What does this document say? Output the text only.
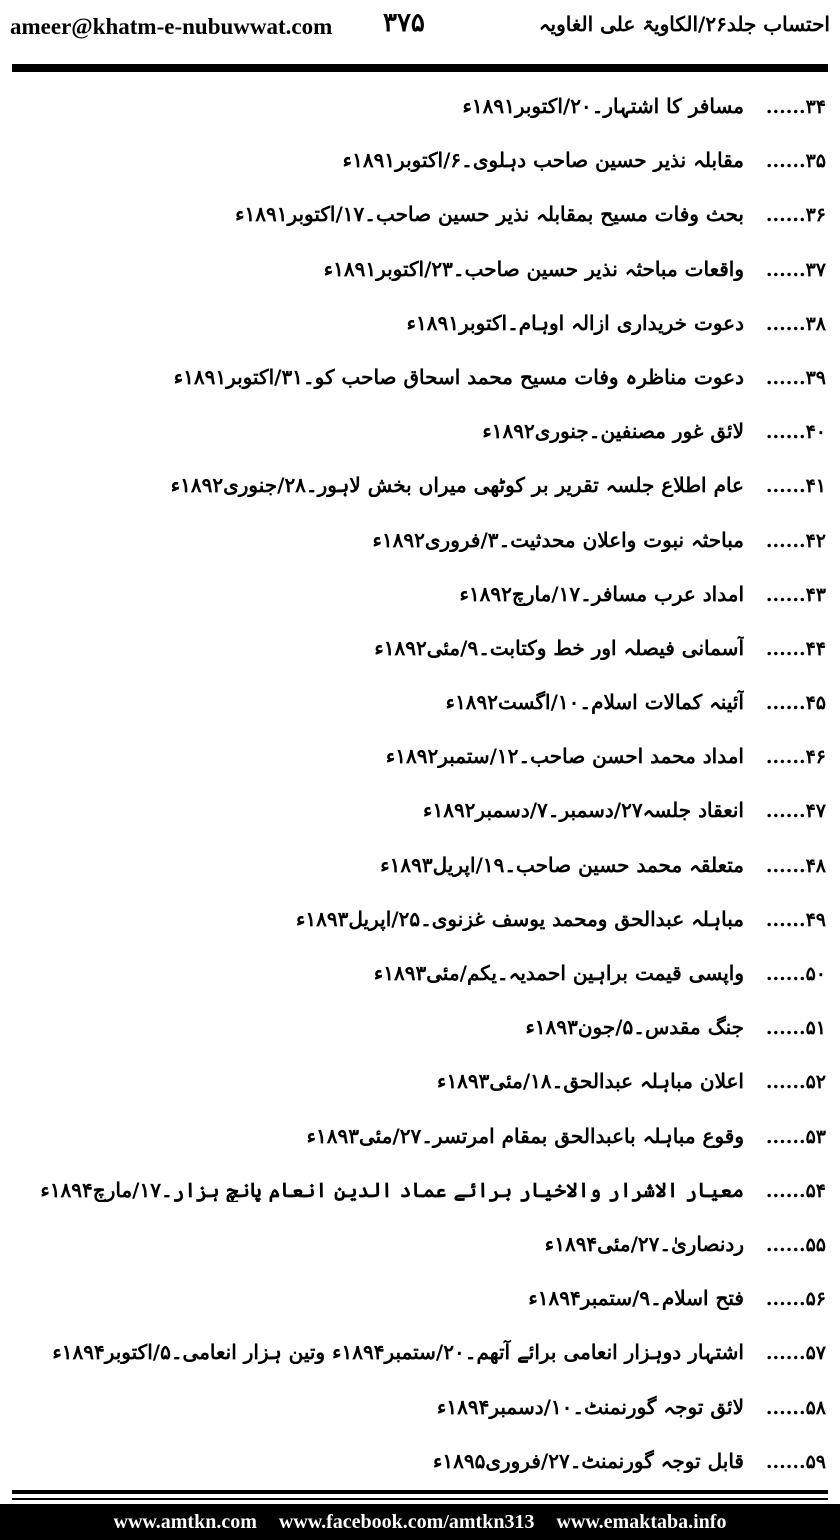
ameer@khatm-e-nubuwwat.com ۳۷۵	احتساب جلد۲۶/الکاویۃ علی الغاویہ
۳۴......
مسافر کا اشتہار۔۲۰/اکتوبر۱۸۹۱ء
۳۵......
مقابلہ نذیر حسین صاحب دہلوی۔۶/اکتوبر۱۸۹۱ء
۳۶......
بحث وفات مسیح بمقابلہ نذیر حسین صاحب۔۱۷/اکتوبر۱۸۹۱ء
۳۷......
واقعات مباحثہ نذیر حسین صاحب۔۲۳/اکتوبر۱۸۹۱ء
۳۸......
دعوت خریداری ازالہ اوہام۔اکتوبر۱۸۹۱ء
۳۹......
دعوت مناظرہ وفات مسیح محمد اسحاق صاحب کو۔۳۱/اکتوبر۱۸۹۱ء
۴۰......
لائق غور مصنفین۔جنوری۱۸۹۲ء
۴۱......
عام اطلاع جلسہ تقریر بر کوٹھی میراں بخش لاہور۔۲۸/جنوری۱۸۹۲ء
۴۲......
مباحثہ نبوت واعلان محدثیت۔۳/فروری۱۸۹۲ء
۴۳......
امداد عرب مسافر۔۱۷/مارچ۱۸۹۲ء
۴۴......
آسمانی فیصلہ اور خط وکتابت۔۹/مئی۱۸۹۲ء
۴۵......
آئینہ کمالات اسلام۔۱۰/اگست۱۸۹۲ء
۴۶......
امداد محمد احسن صاحب۔۱۲/ستمبر۱۸۹۲ء
۴۷......
انعقاد جلسہ۲۷/دسمبر۔۷/دسمبر۱۸۹۲ء
۴۸......
متعلقہ محمد حسین صاحب۔۱۹/اپریل۱۸۹۳ء
۴۹......
مباہلہ عبدالحق ومحمد یوسف غزنوی۔۲۵/اپریل۱۸۹۳ء
۵۰......
واپسی قیمت براہین احمدیہ۔یکم/مئی۱۸۹۳ء
۵۱......
جنگ مقدس۔۵/جون۱۸۹۳ء
۵۲......
اعلان مباہلہ عبدالحق۔۱۸/مئی۱۸۹۳ء
۵۳......
وقوع مباہلہ باعبدالحق بمقام امرتسر۔۲۷/مئی۱۸۹۳ء
۵۴......
معیار الاشرار والاخیار برائے عماد الدین انعام پانچ ہزار۔۱۷/مارچ۱۸۹۴ء
۵۵......
ردنصاریٰ۔۲۷/مئی۱۸۹۴ء
۵۶......
فتح اسلام۔۹/ستمبر۱۸۹۴ء
۵۷......
اشتہار دوہزار انعامی برائے آتھم۔۲۰/ستمبر۱۸۹۴ء وتین ہزار انعامی۔۵/اکتوبر۱۸۹۴ء
۵۸......
لائق توجہ گورنمنٹ۔۱۰/دسمبر۱۸۹۴ء
۵۹......
قابل توجہ گورنمنٹ۔۲۷/فروری۱۸۹۵ء
www.amtkn.com www.facebook.com/amtkn313 www.emaktaba.info
